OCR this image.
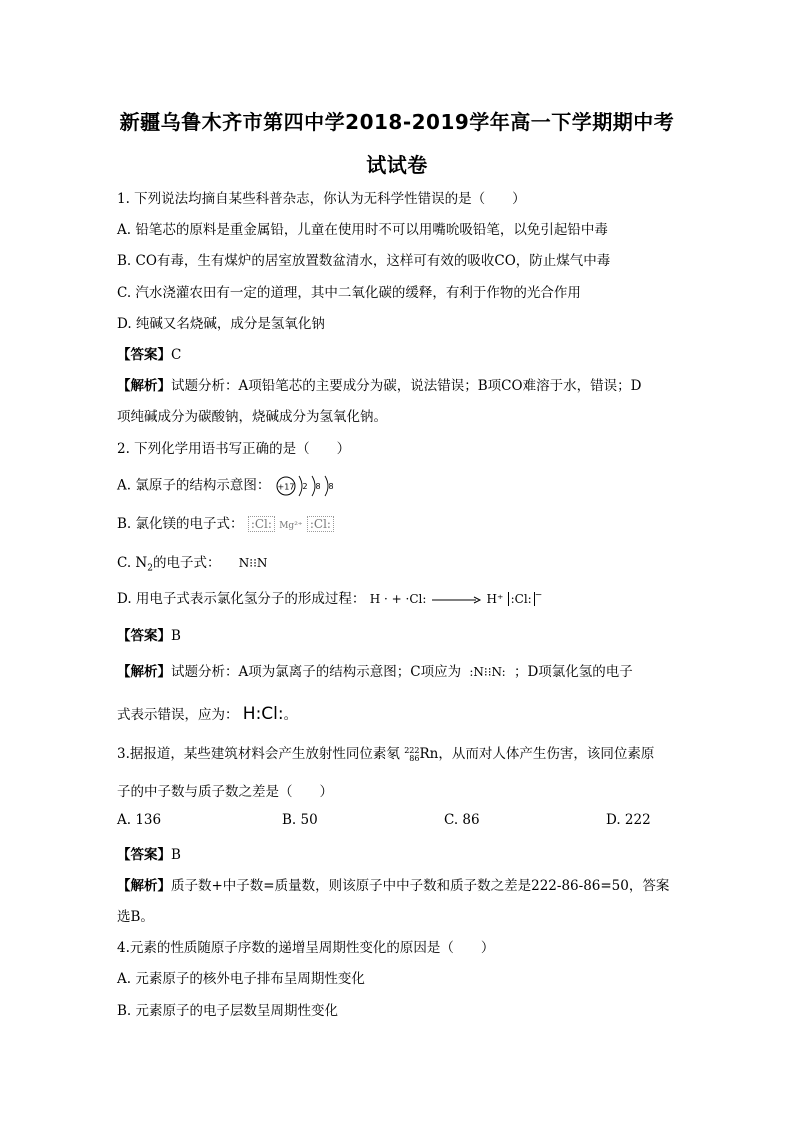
新疆乌鲁木齐市第四中学2018-2019学年高一下学期期中考
试试卷
1. 下列说法均摘自某些科普杂志，你认为无科学性错误的是（　　）
A. 铅笔芯的原料是重金属铅，儿童在使用时不可以用嘴吮吸铅笔，以免引起铅中毒
B. CO有毒，生有煤炉的居室放置数盆清水，这样可有效的吸收CO，防止煤气中毒
C. 汽水浇灌农田有一定的道理，其中二氧化碳的缓释，有利于作物的光合作用
D. 纯碱又名烧碱，成分是氢氧化钠
【答案】C
【解析】试题分析：A项铅笔芯的主要成分为碳，说法错误；B项CO难溶于水，错误；D
项纯碱成分为碳酸钠，烧碱成分为氢氧化钠。
2. 下列化学用语书写正确的是（　　）
A. 氯原子的结构示意图： +17 2 8 8
B. 氯化镁的电子式： :Cl: Mg²⁺ :Cl:
C. $N_2$的电子式： N⁝⁝N
D. 用电子式表示氯化氢分子的形成过程： H · + ·Cl: → H⁺ :Cl: −
【答案】B
【解析】试题分析：A项为氯离子的结构示意图；C项应为 :N⁝⁝N: ；D项氯化氢的电子
式表示错误，应为： H:Cl:。
3.据报道，某些建筑材料会产生放射性同位素氡 222
86 Rn，从而对人体产生伤害，该同位素原
子的中子数与质子数之差是（　　）
A. 136	B. 50	C. 86	D. 222
【答案】B
【解析】质子数+中子数=质量数，则该原子中中子数和质子数之差是222-86-86=50，答案
选B。
4.元素的性质随原子序数的递增呈周期性变化的原因是（　　）
A. 元素原子的核外电子排布呈周期性变化
B. 元素原子的电子层数呈周期性变化
